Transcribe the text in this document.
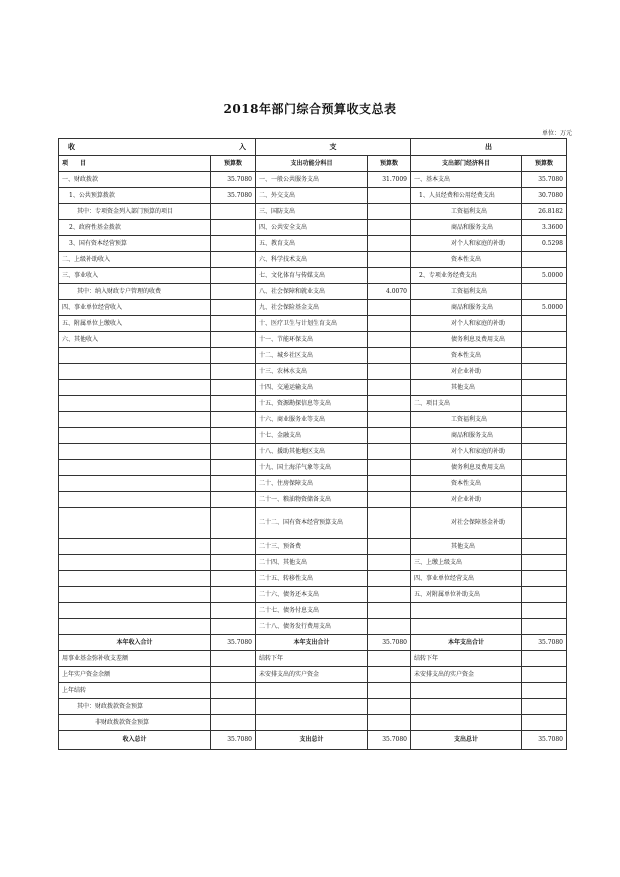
2018年部门综合预算收支总表
单位：万元
收 入		支		出	
项　　目	预算数	支出功能分科目	预算数	支出部门经济科目	预算数
一、财政拨款	35.7080	一、一般公共服务支出	31.7009	一、基本支出	35.7080
1、公共预算拨款	35.7080	二、外交支出		1、人员经费和公用经费支出	30.7080
其中：专项资金列入部门预算的项目		三、国防支出		工资福利支出	26.8182
2、政府性基金拨款		四、公共安全支出		商品和服务支出	3.3600
3、国有资本经营预算		五、教育支出		对个人和家庭的补助	0.5298
二、上级补助收入		六、科学技术支出		资本性支出	
三、事业收入		七、文化体育与传媒支出		2、专项业务经费支出	5.0000
其中：纳入财政专户管理的收费		八、社会保障和就业支出	4.0070	工资福利支出	
四、事业单位经营收入		九、社会保险基金支出		商品和服务支出	5.0000
五、附属单位上缴收入		十、医疗卫生与计划生育支出		对个人和家庭的补助	
六、其他收入		十一、节能环保支出		债务利息及费用支出	
		十二、城乡社区支出		资本性支出	
		十三、农林水支出		对企业补助	
		十四、交通运输支出		其他支出	
		十五、资源勘探信息等支出		二、项目支出	
		十六、商业服务业等支出		工资福利支出	
		十七、金融支出		商品和服务支出	
		十八、援助其他地区支出		对个人和家庭的补助	
		十九、国土海洋气象等支出		债务利息及费用支出	
		二十、住房保障支出		资本性支出	
		二十一、粮油物资储备支出		对企业补助	
		二十二、国有资本经营预算支出		对社会保障基金补助	
		二十三、预备费		其他支出	
		二十四、其他支出		三、上缴上级支出	
		二十五、转移性支出		四、事业单位经营支出	
		二十六、债务还本支出		五、对附属单位补助支出	
		二十七、债务付息支出			
		二十八、债务发行费用支出			
本年收入合计	35.7080	本年支出合计	35.7080	本年支出合计	35.7080
用事业基金弥补收支差额		结转下年		结转下年	
上年实户资金余额		未安排支出的实户资金		未安排支出的实户资金	
上年结转					
其中：财政拨款资金预算					
非财政拨款资金预算					
收入总计	35.7080	支出总计	35.7080	支出总计	35.7080
